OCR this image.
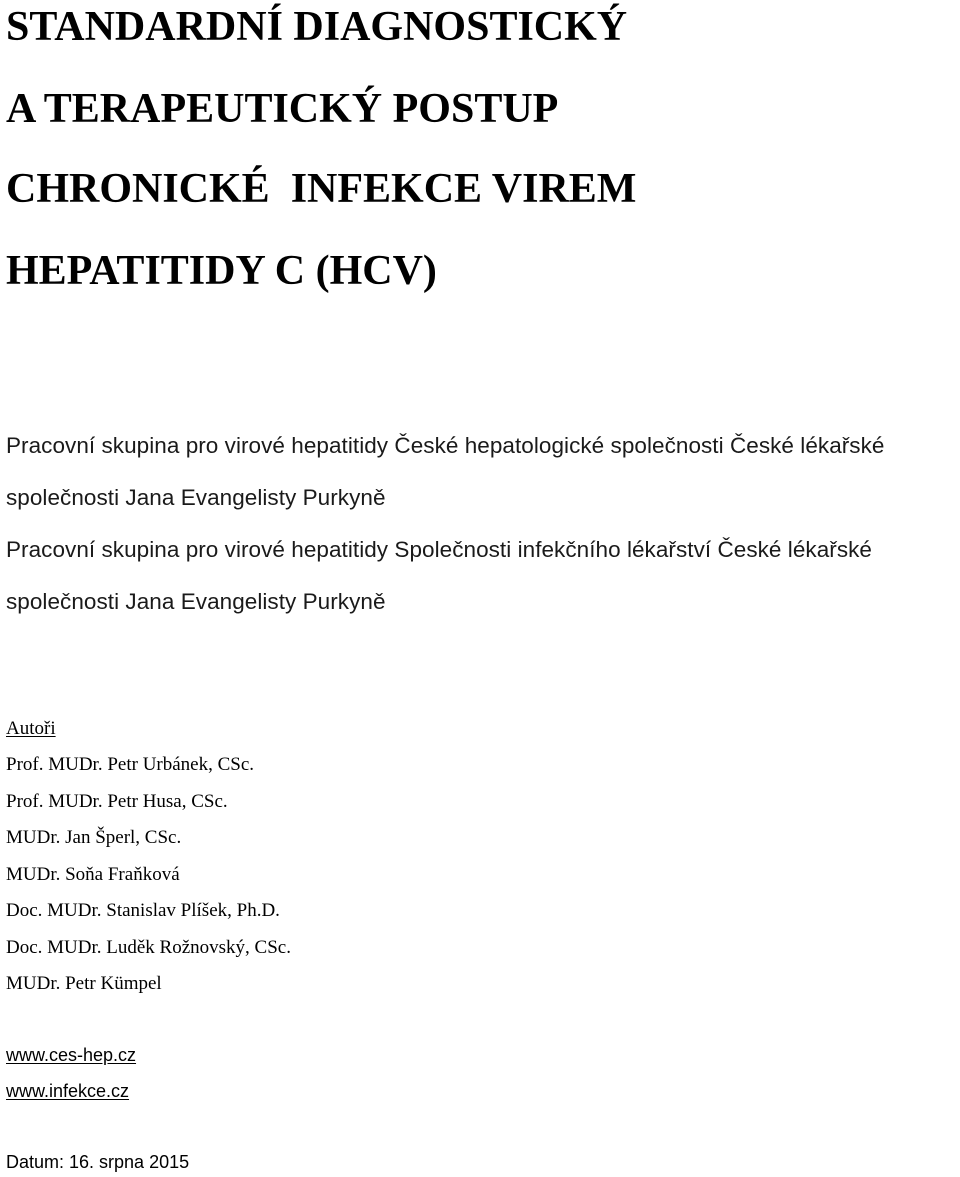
STANDARDNÍ DIAGNOSTICKÝ
A TERAPEUTICKÝ POSTUP
CHRONICKÉ  INFEKCE VIREM
HEPATITIDY C (HCV)

Pracovní skupina pro virové hepatitidy České hepatologické společnosti České lékařské společnosti Jana Evangelisty Purkyně

Pracovní skupina pro virové hepatitidy Společnosti infekčního lékařství České lékařské společnosti Jana Evangelisty Purkyně

Autoři
Prof. MUDr. Petr Urbánek, CSc.
Prof. MUDr. Petr Husa, CSc.
MUDr. Jan Šperl, CSc.
MUDr. Soňa Fraňková
Doc. MUDr. Stanislav Plíšek, Ph.D.
Doc. MUDr. Luděk Rožnovský, CSc.
MUDr. Petr Kümpel
www.ces-hep.cz
www.infekce.cz
Datum: 16. srpna 2015
